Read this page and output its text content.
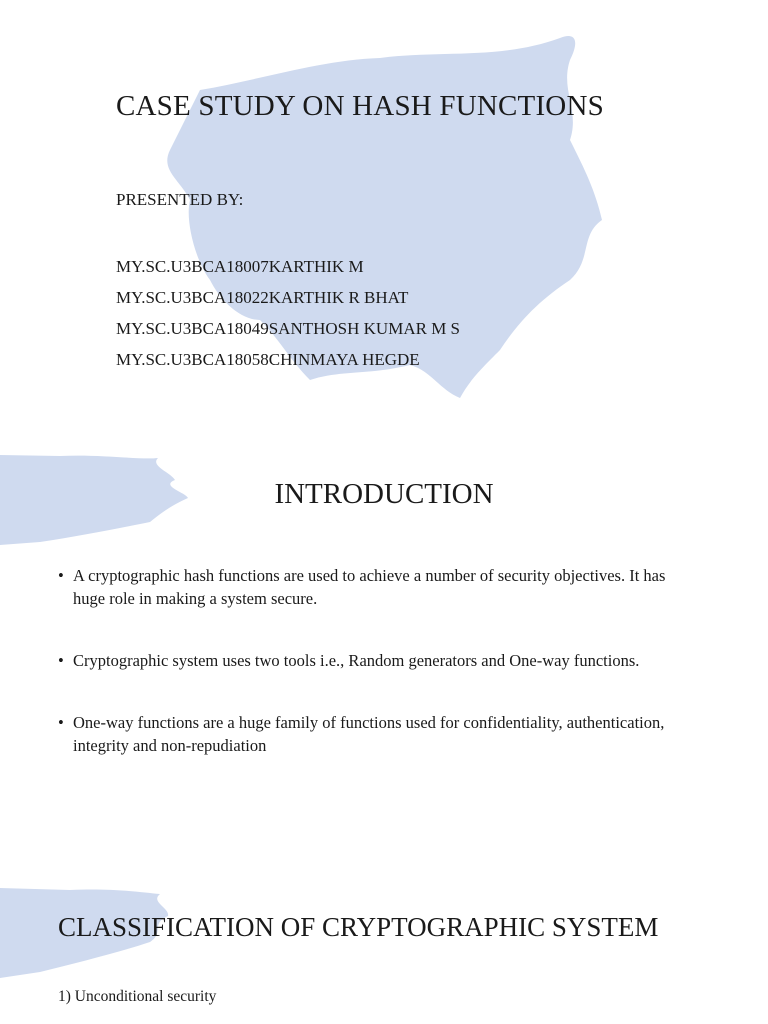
CASE STUDY ON HASH FUNCTIONS

PRESENTED BY:

MY.SC.U3BCA18007KARTHIK M
MY.SC.U3BCA18022KARTHIK R BHAT
MY.SC.U3BCA18049SANTHOSH KUMAR M S
MY.SC.U3BCA18058CHINMAYA HEGDE
INTRODUCTION
• A cryptographic hash functions are used to achieve a number of security objectives. It has huge role in making a system secure.
• Cryptographic system uses two tools i.e., Random generators and One-way functions.
• One-way functions are a huge family of functions used for confidentiality, authentication, integrity and non-repudiation
CLASSIFICATION OF CRYPTOGRAPHIC SYSTEM

1) Unconditional security
